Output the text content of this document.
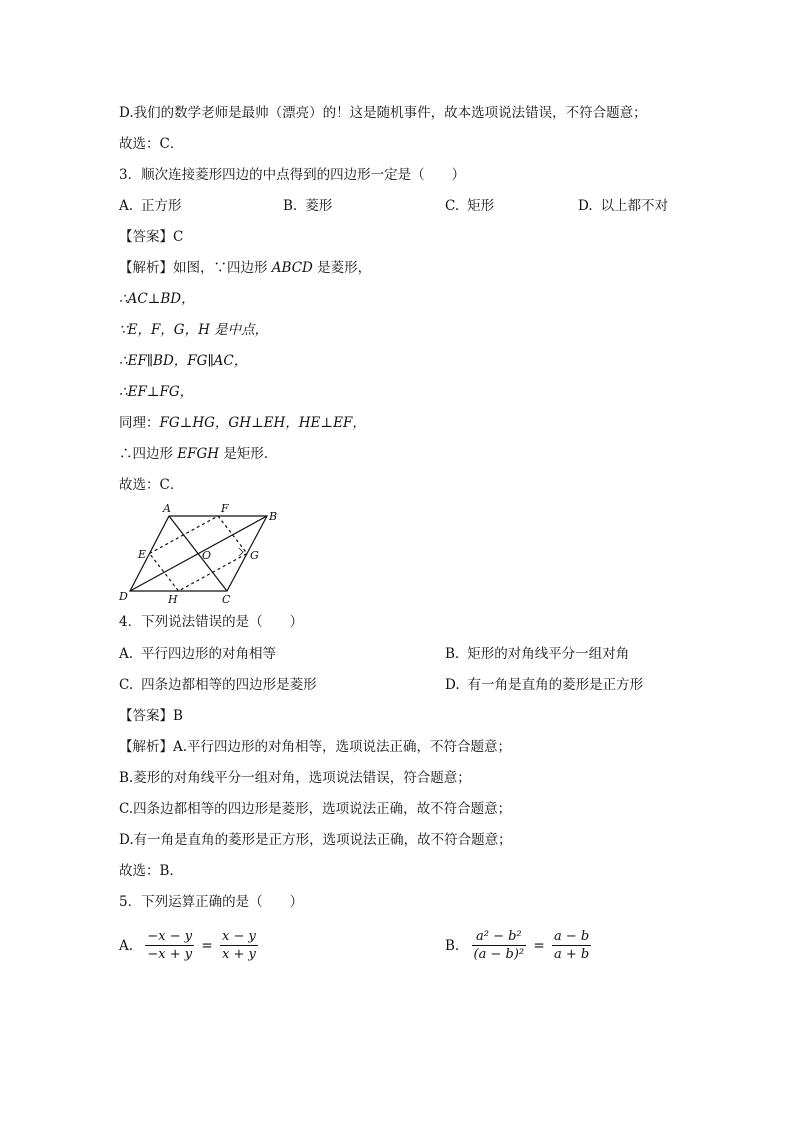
D.我们的数学老师是最帅（漂亮）的！这是随机事件，故本选项说法错误，不符合题意；
故选：C．
3．顺次连接菱形四边的中点得到的四边形一定是（　　）
A. 正方形	B. 菱形	C. 矩形	D. 以上都不对
【答案】C
【解析】如图，∵四边形 ABCD 是菱形，
∴AC⊥BD，
∵E，F，G，H 是中点，
∴EF∥BD，FG∥AC，
∴EF⊥FG，
同理：FG⊥HG，GH⊥EH，HE⊥EF，
∴四边形 EFGH 是矩形．
故选：C．
A	F
B
E	O	G
D	H	C
4．下列说法错误的是（　　）
A. 平行四边形的对角相等	B. 矩形的对角线平分一组对角
C. 四条边都相等的四边形是菱形	D. 有一角是直角的菱形是正方形
【答案】B
【解析】A.平行四边形的对角相等，选项说法正确，不符合题意；
B.菱形的对角线平分一组对角，选项说法错误，符合题意；
C.四条边都相等的四边形是菱形，选项说法正确，故不符合题意；
D.有一角是直角的菱形是正方形，选项说法正确，故不符合题意；
故选：B．
5．下列运算正确的是（　　）
A. $\frac{-x - y}{-x + y} = \frac{x - y}{x + y}$	B. $\frac{\text{a² − b²}}{\text{(a − b)²}} = \frac{a - b}{a + b}$
